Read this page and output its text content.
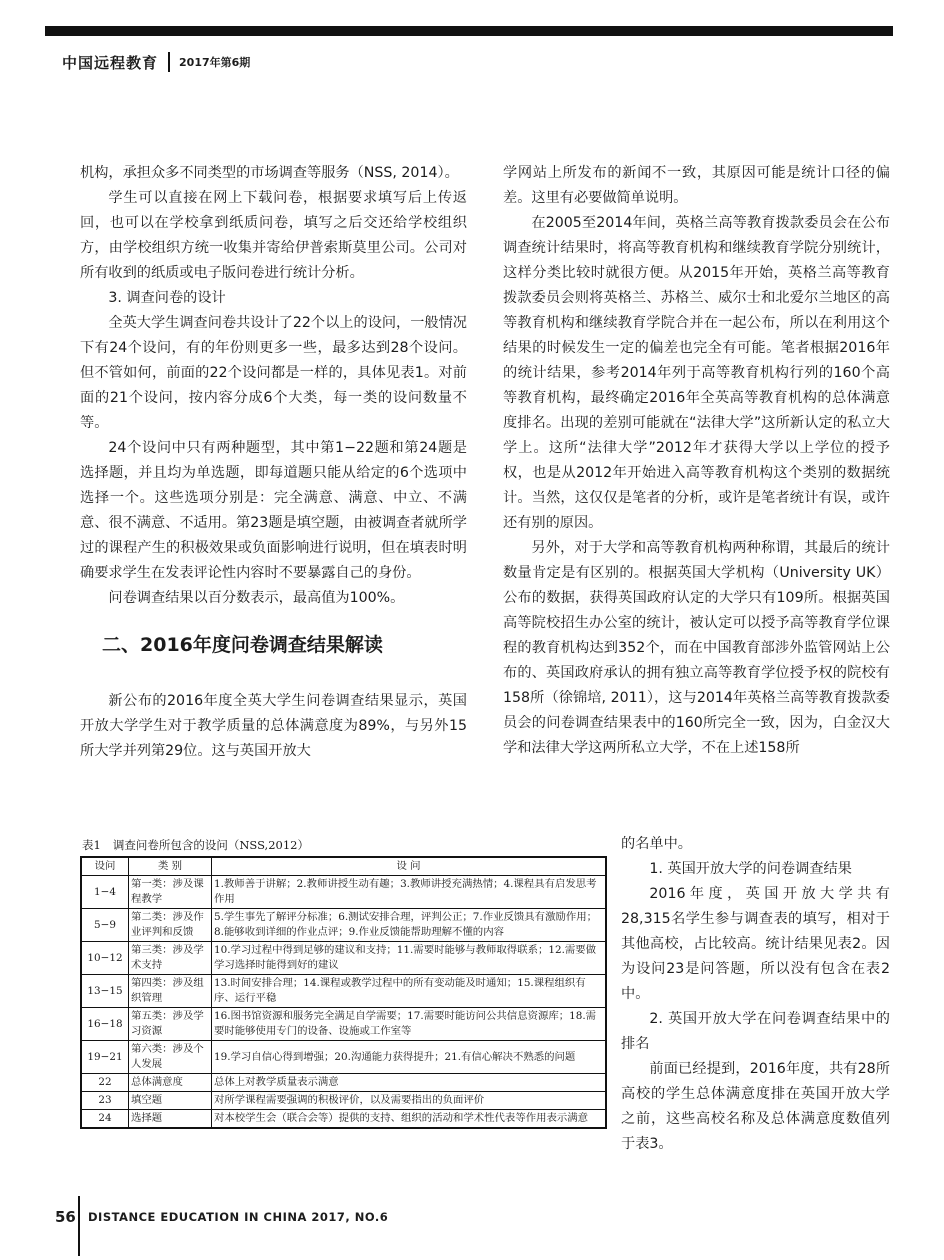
中国远程教育 2017年第6期

机构，承担众多不同类型的市场调查等服务（NSS, 2014）。

学生可以直接在网上下载问卷，根据要求填写后上传返回，也可以在学校拿到纸质问卷，填写之后交还给学校组织方，由学校组织方统一收集并寄给伊普索斯莫里公司。公司对所有收到的纸质或电子版问卷进行统计分析。

3. 调查问卷的设计

全英大学生调查问卷共设计了22个以上的设问，一般情况下有24个设问，有的年份则更多一些，最多达到28个设问。但不管如何，前面的22个设问都是一样的，具体见表1。对前面的21个设问，按内容分成6个大类，每一类的设问数量不等。

24个设问中只有两种题型，其中第1−22题和第24题是选择题，并且均为单选题，即每道题只能从给定的6个选项中选择一个。这些选项分别是：完全满意、满意、中立、不满意、很不满意、不适用。第23题是填空题，由被调查者就所学过的课程产生的积极效果或负面影响进行说明，但在填表时明确要求学生在发表评论性内容时不要暴露自己的身份。

问卷调查结果以百分数表示，最高值为100%。

二、2016年度问卷调查结果解读

新公布的2016年度全英大学生问卷调查结果显示，英国开放大学学生对于教学质量的总体满意度为89%，与另外15所大学并列第29位。这与英国开放大

学网站上所发布的新闻不一致，其原因可能是统计口径的偏差。这里有必要做简单说明。

在2005至2014年间，英格兰高等教育拨款委员会在公布调查统计结果时，将高等教育机构和继续教育学院分别统计，这样分类比较时就很方便。从2015年开始，英格兰高等教育拨款委员会则将英格兰、苏格兰、威尔士和北爱尔兰地区的高等教育机构和继续教育学院合并在一起公布，所以在利用这个结果的时候发生一定的偏差也完全有可能。笔者根据2016年的统计结果，参考2014年列于高等教育机构行列的160个高等教育机构，最终确定2016年全英高等教育机构的总体满意度排名。出现的差别可能就在“法律大学”这所新认定的私立大学上。这所“法律大学”2012年才获得大学以上学位的授予权，也是从2012年开始进入高等教育机构这个类别的数据统计。当然，这仅仅是笔者的分析，或许是笔者统计有误，或许还有别的原因。

另外，对于大学和高等教育机构两种称谓，其最后的统计数量肯定是有区别的。根据英国大学机构（University UK）公布的数据，获得英国政府认定的大学只有109所。根据英国高等院校招生办公室的统计，被认定可以授予高等教育学位课程的教育机构达到352个，而在中国教育部涉外监管网站上公布的、英国政府承认的拥有独立高等教育学位授予权的院校有158所（徐锦培, 2011），这与2014年英格兰高等教育拨款委员会的问卷调查结果表中的160所完全一致，因为，白金汉大学和法律大学这两所私立大学，不在上述158所

的名单中。

1. 英国开放大学的问卷调查结果

2016年度，英国开放大学共有28,315名学生参与调查表的填写，相对于其他高校，占比较高。统计结果见表2。因为设问23是问答题，所以没有包含在表2中。

2. 英国开放大学在问卷调查结果中的排名

前面已经提到，2016年度，共有28所高校的学生总体满意度排在英国开放大学之前，这些高校名称及总体满意度数值列于表3。

表1 调查问卷所包含的设问（NSS,2012）
设问	类 别	设 问
1−4	第一类：涉及课程教学	1.教师善于讲解；2.教师讲授生动有趣；3.教师讲授充满热情；4.课程具有启发思考作用
5−9	第二类：涉及作业评判和反馈	5.学生事先了解评分标准；6.测试安排合理，评判公正；7.作业反馈具有激励作用；8.能够收到详细的作业点评；9.作业反馈能帮助理解不懂的内容
10−12	第三类：涉及学术支持	10.学习过程中得到足够的建议和支持；11.需要时能够与教师取得联系；12.需要做学习选择时能得到好的建议
13−15	第四类：涉及组织管理	13.时间安排合理；14.课程或教学过程中的所有变动能及时通知；15.课程组织有序、运行平稳
16−18	第五类：涉及学习资源	16.图书馆资源和服务完全满足自学需要；17.需要时能访问公共信息资源库；18.需要时能够使用专门的设备、设施或工作室等
19−21	第六类：涉及个人发展	19.学习自信心得到增强；20.沟通能力获得提升；21.有信心解决不熟悉的问题
22	总体满意度	总体上对教学质量表示满意
23	填空题	对所学课程需要强调的积极评价，以及需要指出的负面评价
24	选择题	对本校学生会（联合会等）提供的支持、组织的活动和学术性代表等作用表示满意
56 DISTANCE EDUCATION IN CHINA 2017, NO.6
